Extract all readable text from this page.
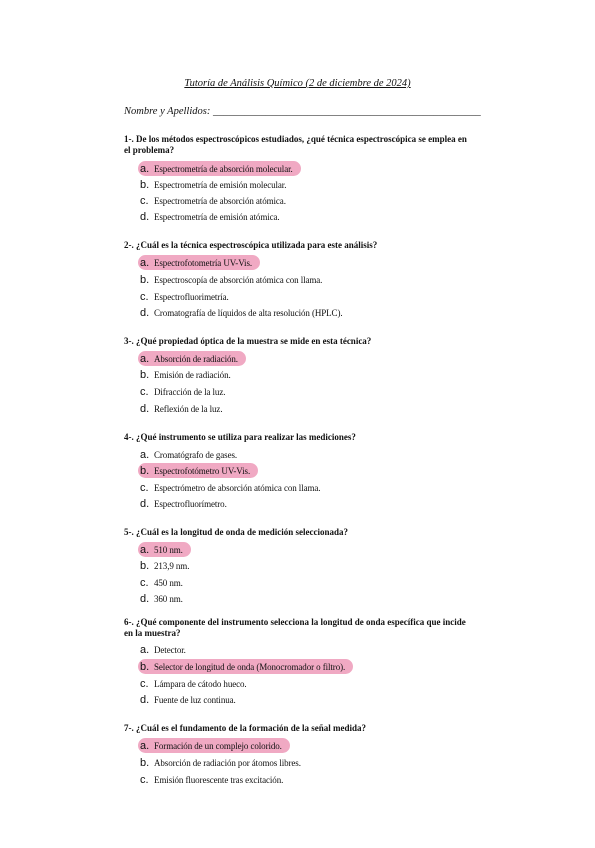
Tutoría de Análisis Químico (2 de diciembre de 2024)
Nombre y Apellidos: ___________________________________________________
1-. De los métodos espectroscópicos estudiados, ¿qué técnica espectroscópica se emplea en el problema?
a. Espectrometría de absorción molecular.
b. Espectrometría de emisión molecular.
c. Espectrometría de absorción atómica.
d. Espectrometría de emisión atómica.
2-. ¿Cuál es la técnica espectroscópica utilizada para este análisis?
a. Espectrofotometría UV-Vis.
b. Espectroscopía de absorción atómica con llama.
c. Espectrofluorimetría.
d. Cromatografía de líquidos de alta resolución (HPLC).
3-. ¿Qué propiedad óptica de la muestra se mide en esta técnica?
a. Absorción de radiación.
b. Emisión de radiación.
c. Difracción de la luz.
d. Reflexión de la luz.
4-. ¿Qué instrumento se utiliza para realizar las mediciones?
a. Cromatógrafo de gases.
b. Espectrofotómetro UV-Vis.
c. Espectrómetro de absorción atómica con llama.
d. Espectrofluorímetro.
5-. ¿Cuál es la longitud de onda de medición seleccionada?
a. 510 nm.
b. 213,9 nm.
c. 450 nm.
d. 360 nm.
6-. ¿Qué componente del instrumento selecciona la longitud de onda específica que incide en la muestra?
a. Detector.
b. Selector de longitud de onda (Monocromador o filtro).
c. Lámpara de cátodo hueco.
d. Fuente de luz continua.
7-. ¿Cuál es el fundamento de la formación de la señal medida?
a. Formación de un complejo colorido.
b. Absorción de radiación por átomos libres.
c. Emisión fluorescente tras excitación.
